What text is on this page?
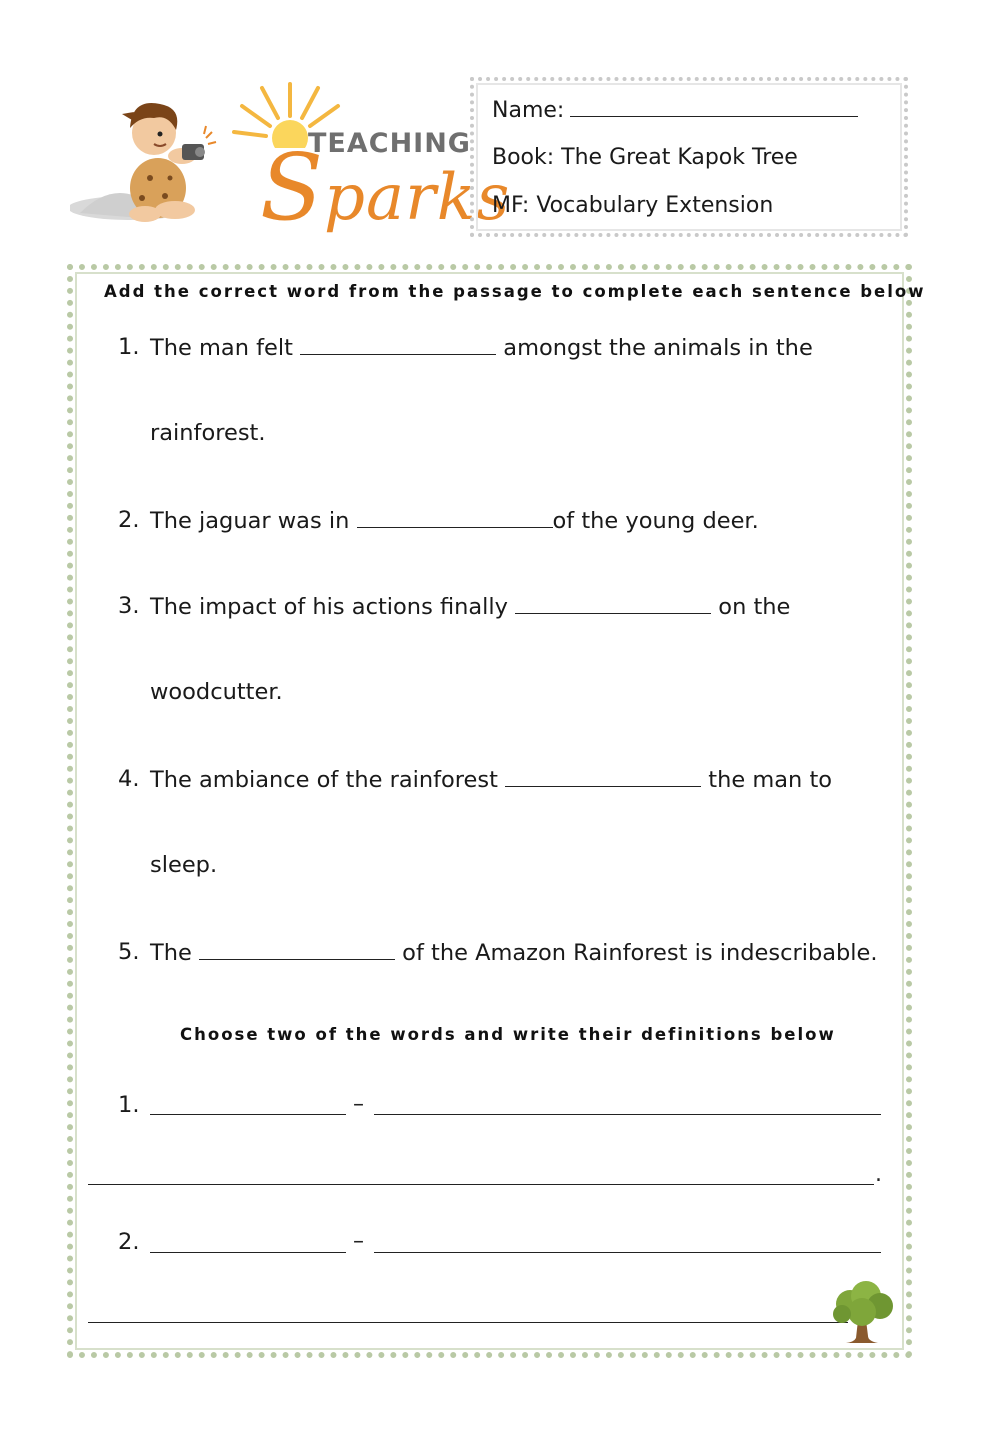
TEACHING
Sparks
Name:
Book: The Great Kapok Tree
MF: Vocabulary Extension
Add the correct word from the passage to complete each sentence below
1. The man felt	amongst the animals in the
rainforest.
2. The jaguar was in	of the young deer.
3. The impact of his actions finally	on the
woodcutter.
4. The ambiance of the rainforest	the man to
sleep.
5. The	of the Amazon Rainforest is indescribable.
Choose two of the words and write their definitions below
1.	–
.
2.	–
